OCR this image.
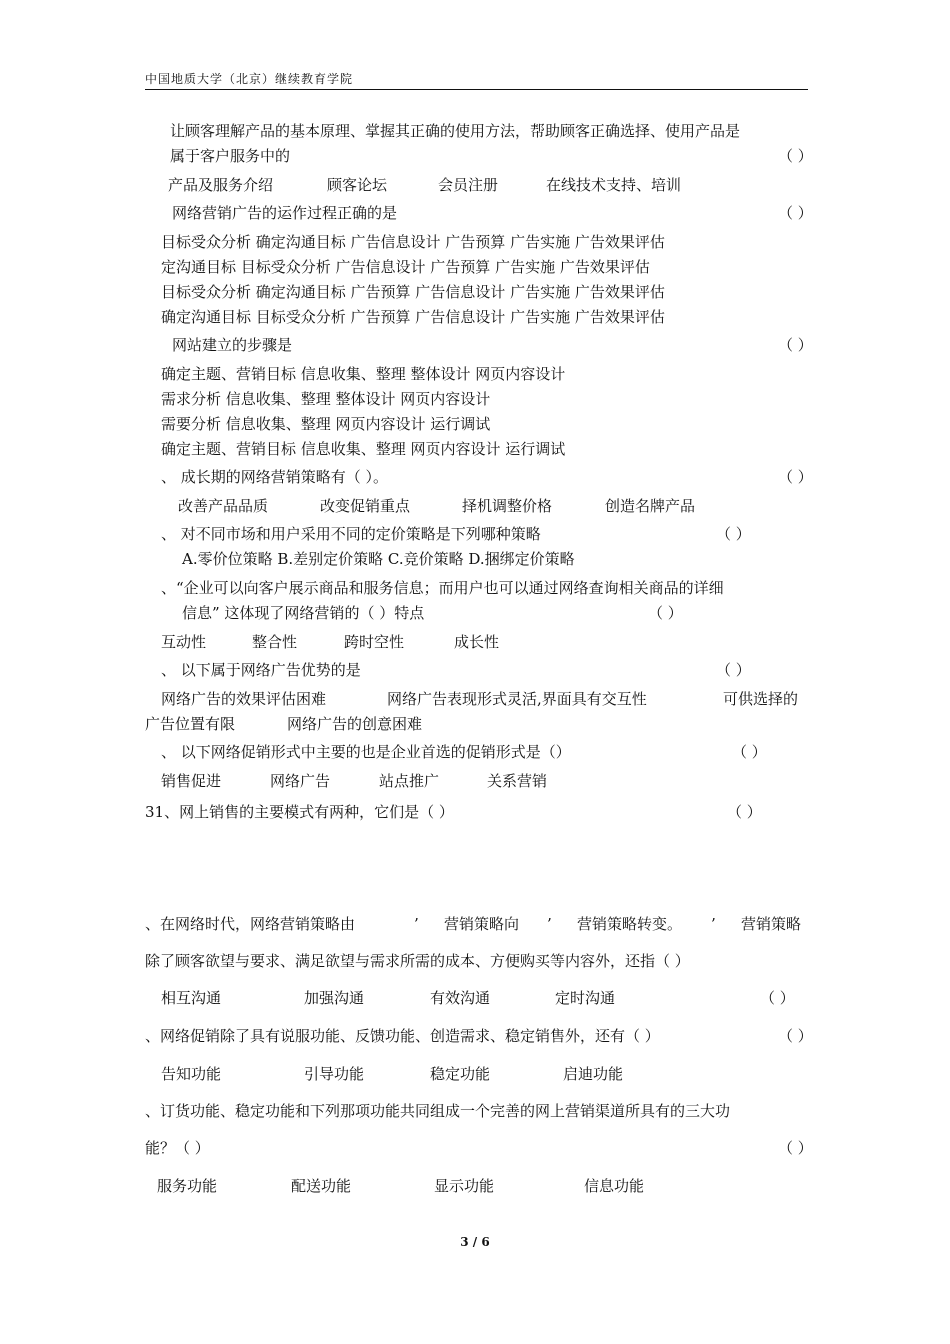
中国地质大学（北京）继续教育学院
让顾客理解产品的基本原理、掌握其正确的使用方法，帮助顾客正确选择、使用产品是
属于客户服务中的	（ ）
产品及服务介绍	顾客论坛	会员注册	在线技术支持、培训
网络营销广告的运作过程正确的是	（ ）
目标受众分析 确定沟通目标 广告信息设计 广告预算 广告实施 广告效果评估
定沟通目标 目标受众分析 广告信息设计 广告预算 广告实施 广告效果评估
目标受众分析 确定沟通目标 广告预算 广告信息设计 广告实施 广告效果评估
确定沟通目标 目标受众分析 广告预算 广告信息设计 广告实施 广告效果评估
网站建立的步骤是	（ ）
确定主题、营销目标 信息收集、整理 整体设计 网页内容设计
需求分析 信息收集、整理 整体设计 网页内容设计
需要分析 信息收集、整理 网页内容设计 运行调试
确定主题、营销目标 信息收集、整理 网页内容设计 运行调试
、 成长期的网络营销策略有（ ）。	（ ）
改善产品品质	改变促销重点	择机调整价格	创造名牌产品
、 对不同市场和用户采用不同的定价策略是下列哪种策略	（ ）
A.零价位策略 B.差别定价策略 C.竞价策略 D.捆绑定价策略
、“企业可以向客户展示商品和服务信息；而用户也可以通过网络查询相关商品的详细
信息” 这体现了网络营销的（ ）特点	（ ）
互动性	整合性	跨时空性	成长性
、 以下属于网络广告优势的是	（ ）
网络广告的效果评估困难	网络广告表现形式灵活,界面具有交互性	可供选择的
广告位置有限	网络广告的创意困难
、 以下网络促销形式中主要的也是企业首选的促销形式是（）	（ ）
销售促进	网络广告	站点推广	关系营销
31、网上销售的主要模式有两种，它们是（ ）	（ ）
、在网络时代，网络营销策略由	’ 营销策略向 ’ 营销策略转变。 ’ 营销策略
除了顾客欲望与要求、满足欲望与需求所需的成本、方便购买等内容外，还指（ ）
（ ）
相互沟通	加强沟通	有效沟通	定时沟通
、网络促销除了具有说服功能、反馈功能、创造需求、稳定销售外，还有（ ）	（ ）
告知功能	引导功能	稳定功能	启迪功能
、订货功能、稳定功能和下列那项功能共同组成一个完善的网上营销渠道所具有的三大功
能？（ ）	（ ）
服务功能	配送功能	显示功能	信息功能
3 / 6
